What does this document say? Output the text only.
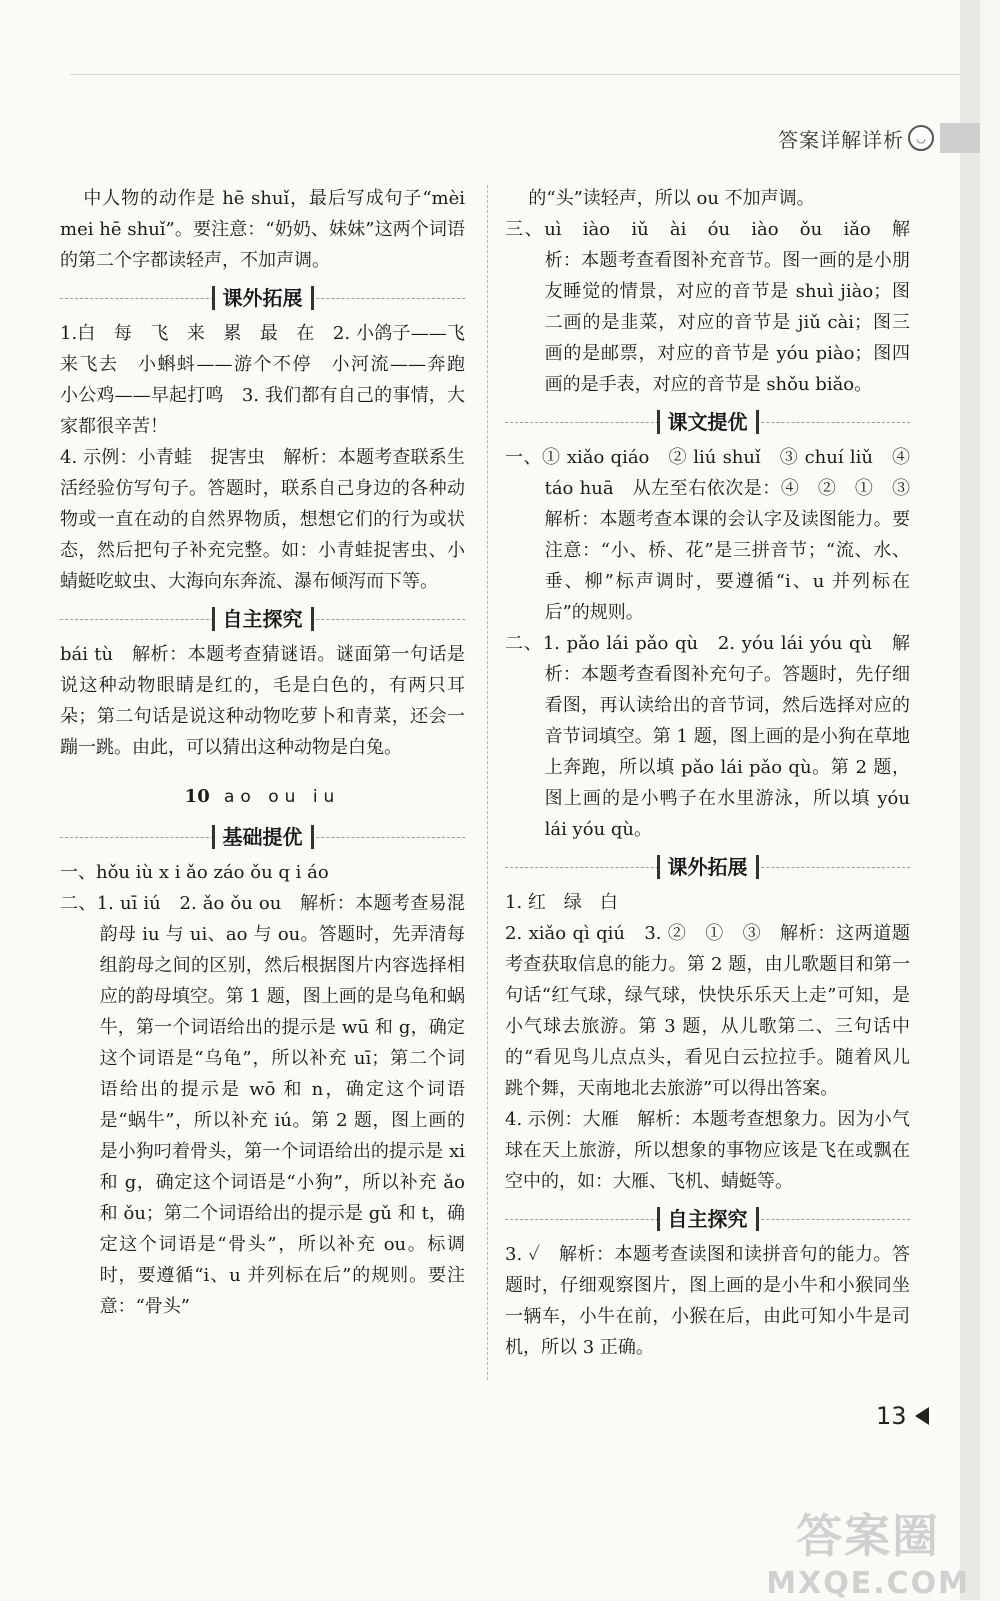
答案详解详析	◡

中人物的动作是 hē shuǐ，最后写成句子“mèi mei hē shuǐ”。要注意：“奶奶、妹妹”这两个词语的第二个字都读轻声，不加声调。

课外拓展

1.白　每　飞　来　累　最　在　2. 小鸽子——飞来飞去　小蝌蚪——游个不停　小河流——奔跑　小公鸡——早起打鸣　3. 我们都有自己的事情，大家都很辛苦！

4. 示例：小青蛙　捉害虫　解析：本题考查联系生活经验仿写句子。答题时，联系自己身边的各种动物或一直在动的自然界物质，想想它们的行为或状态，然后把句子补充完整。如：小青蛙捉害虫、小蜻蜓吃蚊虫、大海向东奔流、瀑布倾泻而下等。

自主探究

bái tù　解析：本题考查猜谜语。谜面第一句话是说这种动物眼睛是红的，毛是白色的，有两只耳朵；第二句话是说这种动物吃萝卜和青菜，还会一蹦一跳。由此，可以猜出这种动物是白兔。

10 ao ou iu
基础提优

一、hǒu iù x i ǎo záo ǒu q i áo

二、1. uī iú　2. ǎo ǒu ou　解析：本题考查易混韵母 iu 与 ui、ao 与 ou。答题时，先弄清每组韵母之间的区别，然后根据图片内容选择相应的韵母填空。第 1 题，图上画的是乌龟和蜗牛，第一个词语给出的提示是 wū 和 g，确定这个词语是“乌龟”，所以补充 uī；第二个词语给出的提示是 wō 和 n，确定这个词语是“蜗牛”，所以补充 iú。第 2 题，图上画的是小狗叼着骨头，第一个词语给出的提示是 xi 和 g，确定这个词语是“小狗”，所以补充 ǎo 和 ǒu；第二个词语给出的提示是 gǔ 和 t，确定这个词语是“骨头”，所以补充 ou。标调时，要遵循“i、u 并列标在后”的规则。要注意：“骨头”

的“头”读轻声，所以 ou 不加声调。

三、uì　iào　iǔ　ài　óu　iào　ǒu　iǎo　解析：本题考查看图补充音节。图一画的是小朋友睡觉的情景，对应的音节是 shuì jiào；图二画的是韭菜，对应的音节是 jiǔ cài；图三画的是邮票，对应的音节是 yóu piào；图四画的是手表，对应的音节是 shǒu biǎo。

课文提优

一、① xiǎo qiáo　② liú shuǐ　③ chuí liǔ　④ táo huā　从左至右依次是：④　②　①　③　解析：本题考查本课的会认字及读图能力。要注意：“小、桥、花”是三拼音节；“流、水、垂、柳”标声调时，要遵循“i、u 并列标在后”的规则。

二、1. pǎo lái pǎo qù　2. yóu lái yóu qù　解析：本题考查看图补充句子。答题时，先仔细看图，再认读给出的音节词，然后选择对应的音节词填空。第 1 题，图上画的是小狗在草地上奔跑，所以填 pǎo lái pǎo qù。第 2 题，图上画的是小鸭子在水里游泳，所以填 yóu lái yóu qù。

课外拓展

1. 红　绿　白

2. xiǎo qì qiú　3. ②　①　③　解析：这两道题考查获取信息的能力。第 2 题，由儿歌题目和第一句话“红气球，绿气球，快快乐乐天上走”可知，是小气球去旅游。第 3 题，从儿歌第二、三句话中的“看见鸟儿点点头，看见白云拉拉手。随着风儿跳个舞，天南地北去旅游”可以得出答案。

4. 示例：大雁　解析：本题考查想象力。因为小气球在天上旅游，所以想象的事物应该是飞在或飘在空中的，如：大雁、飞机、蜻蜓等。

自主探究

3. ✓　解析：本题考查读图和读拼音句的能力。答题时，仔细观察图片，图上画的是小牛和小猴同坐一辆车，小牛在前，小猴在后，由此可知小牛是司机，所以 3 正确。

13
答案圈
MXQE.COM
